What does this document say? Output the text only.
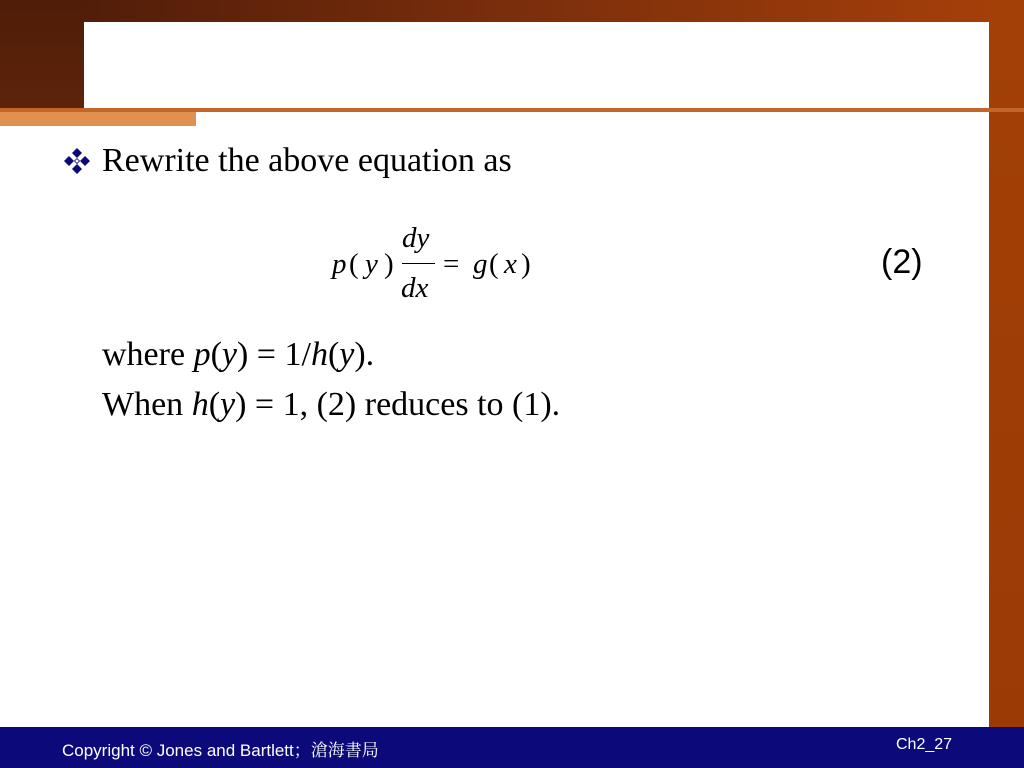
Rewrite the above equation as
p ( y )
dy
dx
= g ( x )	(2)
where p(y) = 1/h(y).
When h(y) = 1, (2) reduces to (1).
Copyright © Jones and Bartlett；滄海書局	Ch2_27
